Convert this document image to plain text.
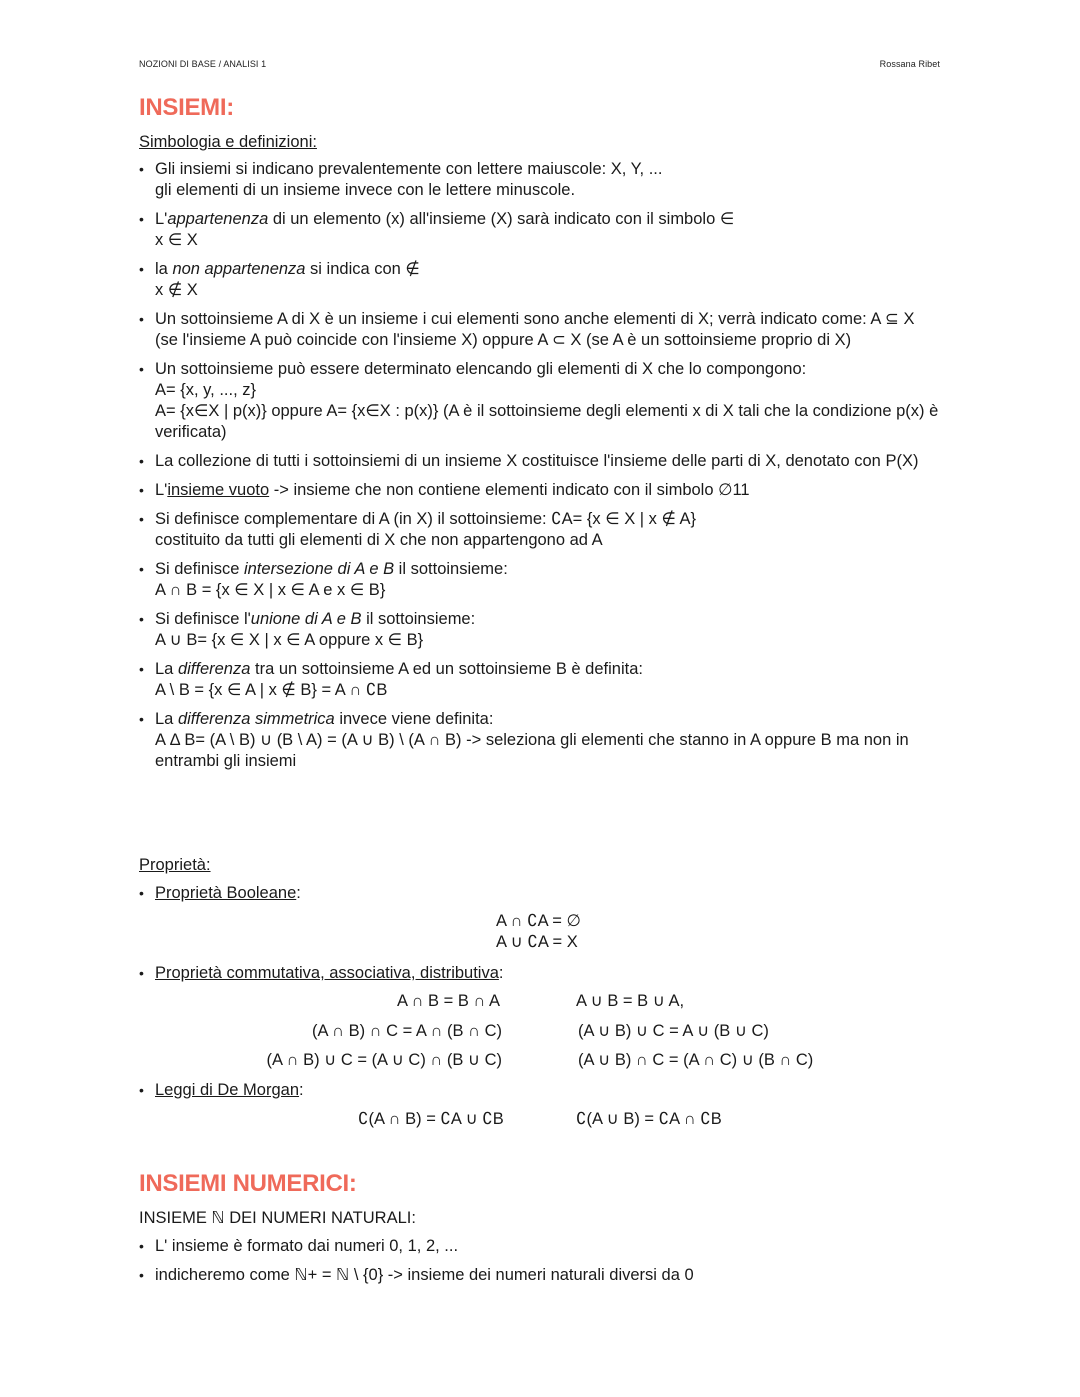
NOZIONI DI BASE / ANALISI 1	Rossana Ribet
INSIEMI:
Simbologia e definizioni:
• Gli insiemi si indicano prevalentemente con lettere maiuscole: X, Y, ...
gli elementi di un insieme invece con le lettere minuscole.
• L'appartenenza di un elemento (x) all'insieme (X) sarà indicato con il simbolo ∈
x ∈ X
• la non appartenenza si indica con ∉
x ∉ X
• Un sottoinsieme A di X è un insieme i cui elementi sono anche elementi di X; verrà indicato come: A ⊆ X (se l'insieme A può coincide con l'insieme X) oppure A ⊂ X (se A è un sottoinsieme proprio di X)
• Un sottoinsieme può essere determinato elencando gli elementi di X che lo compongono:
A= {x, y, ..., z}
A= {x∈X | p(x)} oppure A= {x∈X : p(x)} (A è il sottoinsieme degli elementi x di X tali che la condizione p(x) è verificata)
• La collezione di tutti i sottoinsiemi di un insieme X costituisce l'insieme delle parti di X, denotato con P(X)
• L'insieme vuoto -> insieme che non contiene elementi indicato con il simbolo ∅11
• Si definisce complementare di A (in X) il sottoinsieme: ∁A= {x ∈ X | x ∉ A}
costituito da tutti gli elementi di X che non appartengono ad A
• Si definisce intersezione di A e B il sottoinsieme:
A ∩ B = {x ∈ X | x ∈ A e x ∈ B}
• Si definisce l'unione di A e B il sottoinsieme:
A ∪ B= {x ∈ X | x ∈ A oppure x ∈ B}
• La differenza tra un sottoinsieme A ed un sottoinsieme B è definita:
A \ B = {x ∈ A | x ∉ B} = A ∩ ∁B
• La differenza simmetrica invece viene definita:
A Δ B= (A \ B) ∪ (B \ A) = (A ∪ B) \ (A ∩ B) -> seleziona gli elementi che stanno in A oppure B ma non in entrambi gli insiemi
Proprietà:
• Proprietà Booleane:
A ∩ ∁A = ∅
A ∪ ∁A = X
• Proprietà commutativa, associativa, distributiva:
A ∩ B = B ∩ A	A ∪ B = B ∪ A,
(A ∩ B) ∩ C = A ∩ (B ∩ C)	(A ∪ B) ∪ C = A ∪ (B ∪ C)
(A ∩ B) ∪ C = (A ∪ C) ∩ (B ∪ C)	(A ∪ B) ∩ C = (A ∩ C) ∪ (B ∩ C)
• Leggi di De Morgan:
∁(A ∩ B) = ∁A ∪ ∁B	∁(A ∪ B) = ∁A ∩ ∁B
INSIEMI NUMERICI:
INSIEME ℕ DEI NUMERI NATURALI:
• L' insieme è formato dai numeri 0, 1, 2, ...
• indicheremo come ℕ+ = ℕ \ {0} -> insieme dei numeri naturali diversi da 0
